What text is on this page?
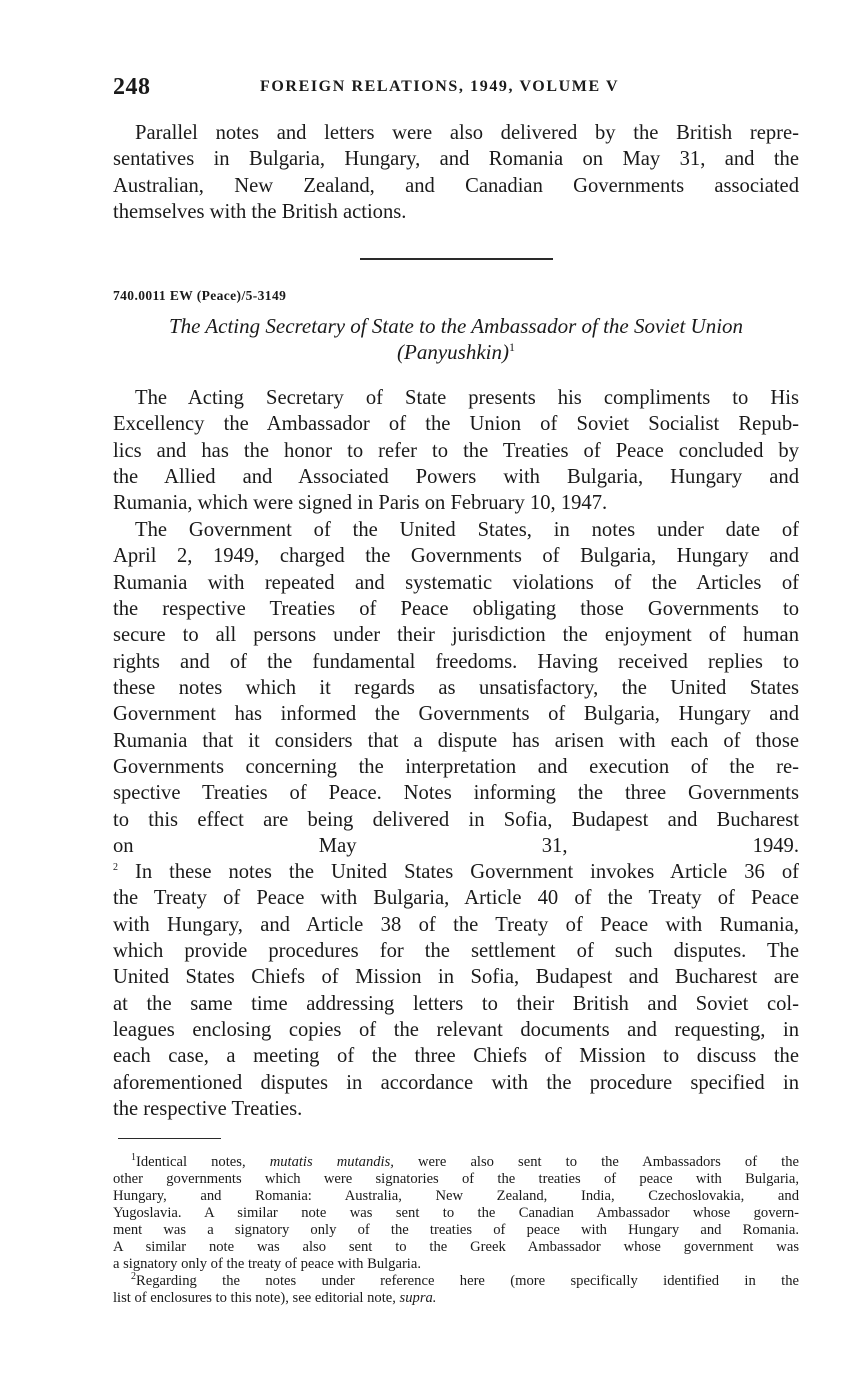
248	FOREIGN RELATIONS, 1949, VOLUME V

Parallel notes and letters were also delivered by the British repre-
sentatives in Bulgaria, Hungary, and Romania on May 31, and the
Australian, New Zealand, and Canadian Governments associated
themselves with the British actions.

740.0011 EW (Peace)/5-3149
The Acting Secretary of State to the Ambassador of the Soviet Union
(Panyushkin)$^1$

The Acting Secretary of State presents his compliments to His
Excellency the Ambassador of the Union of Soviet Socialist Repub-
lics and has the honor to refer to the Treaties of Peace concluded by
the Allied and Associated Powers with Bulgaria, Hungary and
Rumania, which were signed in Paris on February 10, 1947.

The Government of the United States, in notes under date of
April 2, 1949, charged the Governments of Bulgaria, Hungary and
Rumania with repeated and systematic violations of the Articles of
the respective Treaties of Peace obligating those Governments to
secure to all persons under their jurisdiction the enjoyment of human
rights and of the fundamental freedoms. Having received replies to
these notes which it regards as unsatisfactory, the United States
Government has informed the Governments of Bulgaria, Hungary and
Rumania that it considers that a dispute has arisen with each of those
Governments concerning the interpretation and execution of the re-
spective Treaties of Peace. Notes informing the three Governments
to this effect are being delivered in Sofia, Budapest and Bucharest
on May 31, 1949.
$^2$ In these notes the United States Government invokes Article 36 of
the Treaty of Peace with Bulgaria, Article 40 of the Treaty of Peace
with Hungary, and Article 38 of the Treaty of Peace with Rumania,
which provide procedures for the settlement of such disputes. The
United States Chiefs of Mission in Sofia, Budapest and Bucharest are
at the same time addressing letters to their British and Soviet col-
leagues enclosing copies of the relevant documents and requesting, in
each case, a meeting of the three Chiefs of Mission to discuss the
aforementioned disputes in accordance with the procedure specified in
the respective Treaties.

$^1$Identical notes, mutatis mutandis, were also sent to the Ambassadors of the
other governments which were signatories of the treaties of peace with Bulgaria,
Hungary, and Romania: Australia, New Zealand, India, Czechoslovakia, and
Yugoslavia. A similar note was sent to the Canadian Ambassador whose govern-
ment was a signatory only of the treaties of peace with Hungary and Romania.
A similar note was also sent to the Greek Ambassador whose government was
a signatory only of the treaty of peace with Bulgaria.
$^2$Regarding the notes under reference here (more specifically identified in the
list of enclosures to this note), see editorial note, supra.
